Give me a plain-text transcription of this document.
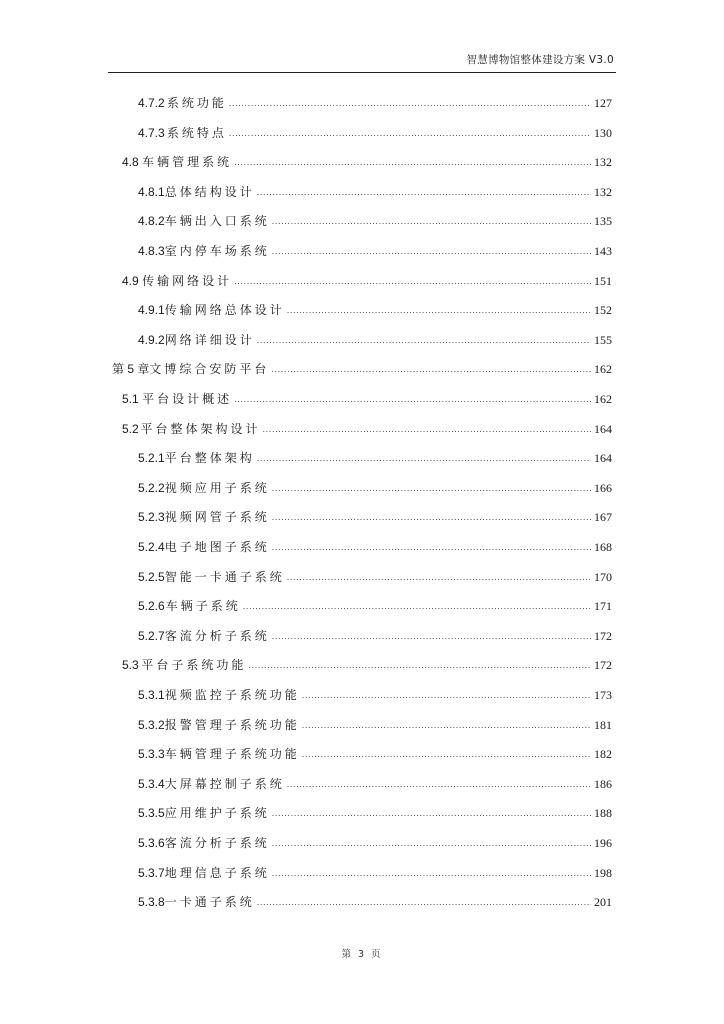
智慧博物馆整体建设方案 V3.0
4.7.2 系统功能 .....	127
4.7.3 系统特点 .....	130
4.8 车辆管理系统 .....	132
4.8.1 总体结构设计 .....	132
4.8.2 车辆出入口系统 .....	135
4.8.3 室内停车场系统 .....	143
4.9 传输网络设计 .....	151
4.9.1 传输网络总体设计 .....	152
4.9.2 网络详细设计 .....	155
第 5 章 文博综合安防平台 .....	162
5.1 平台设计概述 .....	162
5.2 平台整体架构设计 .....	164
5.2.1 平台整体架构 .....	164
5.2.2 视频应用子系统 .....	166
5.2.3 视频网管子系统 .....	167
5.2.4 电子地图子系统 .....	168
5.2.5 智能一卡通子系统 .....	170
5.2.6 车辆子系统 .....	171
5.2.7 客流分析子系统 .....	172
5.3 平台子系统功能 .....	172
5.3.1 视频监控子系统功能 .....	173
5.3.2 报警管理子系统功能 .....	181
5.3.3 车辆管理子系统功能 .....	182
5.3.4 大屏幕控制子系统 .....	186
5.3.5 应用维护子系统 .....	188
5.3.6 客流分析子系统 .....	196
5.3.7 地理信息子系统 .....	198
5.3.8 一卡通子系统 .....	201
第 3 页
